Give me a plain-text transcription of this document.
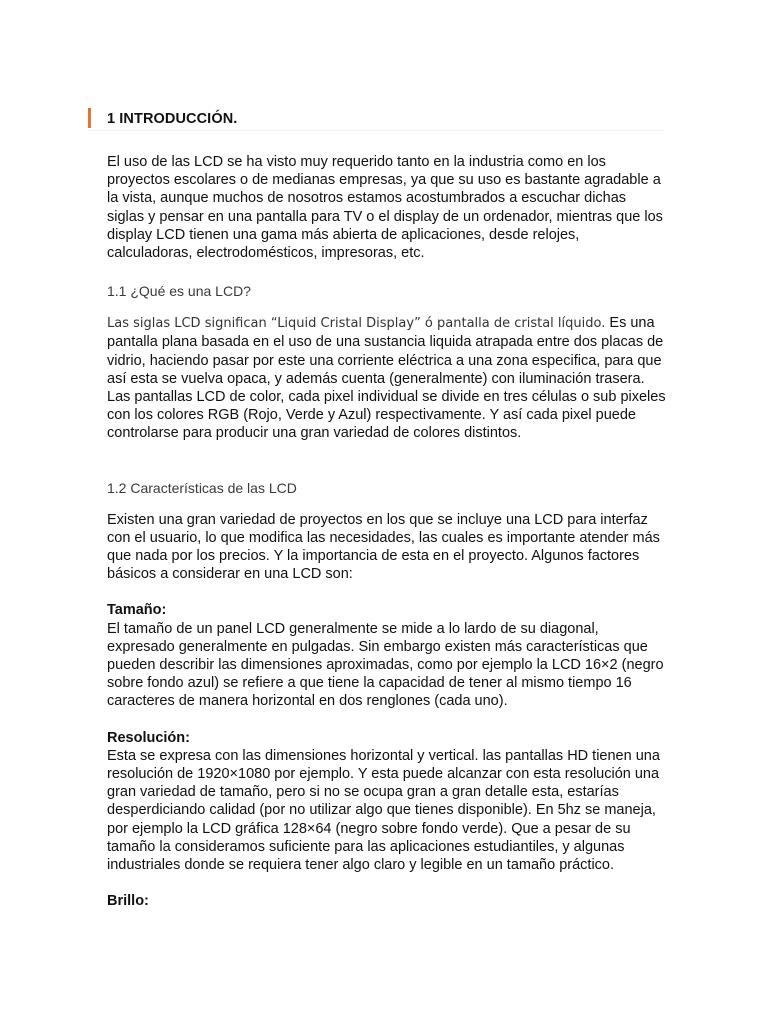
1 INTRODUCCIÓN.

El uso de las LCD se ha visto muy requerido tanto en la industria como en los proyectos escolares o de medianas empresas, ya que su uso es bastante agradable a la vista, aunque muchos de nosotros estamos acostumbrados a escuchar dichas siglas y pensar en una pantalla para TV o el display de un ordenador, mientras que los display LCD tienen una gama más abierta de aplicaciones, desde relojes, calculadoras, electrodomésticos, impresoras, etc.

1.1 ¿Qué es una LCD?

Las siglas LCD significan “Liquid Cristal Display” ó pantalla de cristal líquido. Es una pantalla plana basada en el uso de una sustancia liquida atrapada entre dos placas de vidrio, haciendo pasar por este una corriente eléctrica a una zona especifica, para que así esta se vuelva opaca, y además cuenta (generalmente) con iluminación trasera.

Las pantallas LCD de color, cada pixel individual se divide en tres células o sub pixeles con los colores RGB (Rojo, Verde y Azul) respectivamente. Y así cada pixel puede controlarse para producir una gran variedad de colores distintos.

1.2 Características de las LCD

Existen una gran variedad de proyectos en los que se incluye una LCD para interfaz con el usuario, lo que modifica las necesidades, las cuales es importante atender más que nada por los precios. Y la importancia de esta en el proyecto. Algunos factores básicos a considerar en una LCD son:

Tamaño:

El tamaño de un panel LCD generalmente se mide a lo lardo de su diagonal, expresado generalmente en pulgadas. Sin embargo existen más características que pueden describir las dimensiones aproximadas, como por ejemplo la LCD 16×2 (negro sobre fondo azul) se refiere a que tiene la capacidad de tener al mismo tiempo 16 caracteres de manera horizontal en dos renglones (cada uno).

Resolución:

Esta se expresa con las dimensiones horizontal y vertical. las pantallas HD tienen una resolución de 1920×1080 por ejemplo. Y esta puede alcanzar con esta resolución una gran variedad de tamaño, pero si no se ocupa gran a gran detalle esta, estarías desperdiciando calidad (por no utilizar algo que tienes disponible). En 5hz se maneja, por ejemplo la LCD gráfica 128×64 (negro sobre fondo verde). Que a pesar de su tamaño la consideramos suficiente para las aplicaciones estudiantiles, y algunas industriales donde se requiera tener algo claro y legible en un tamaño práctico.

Brillo:
